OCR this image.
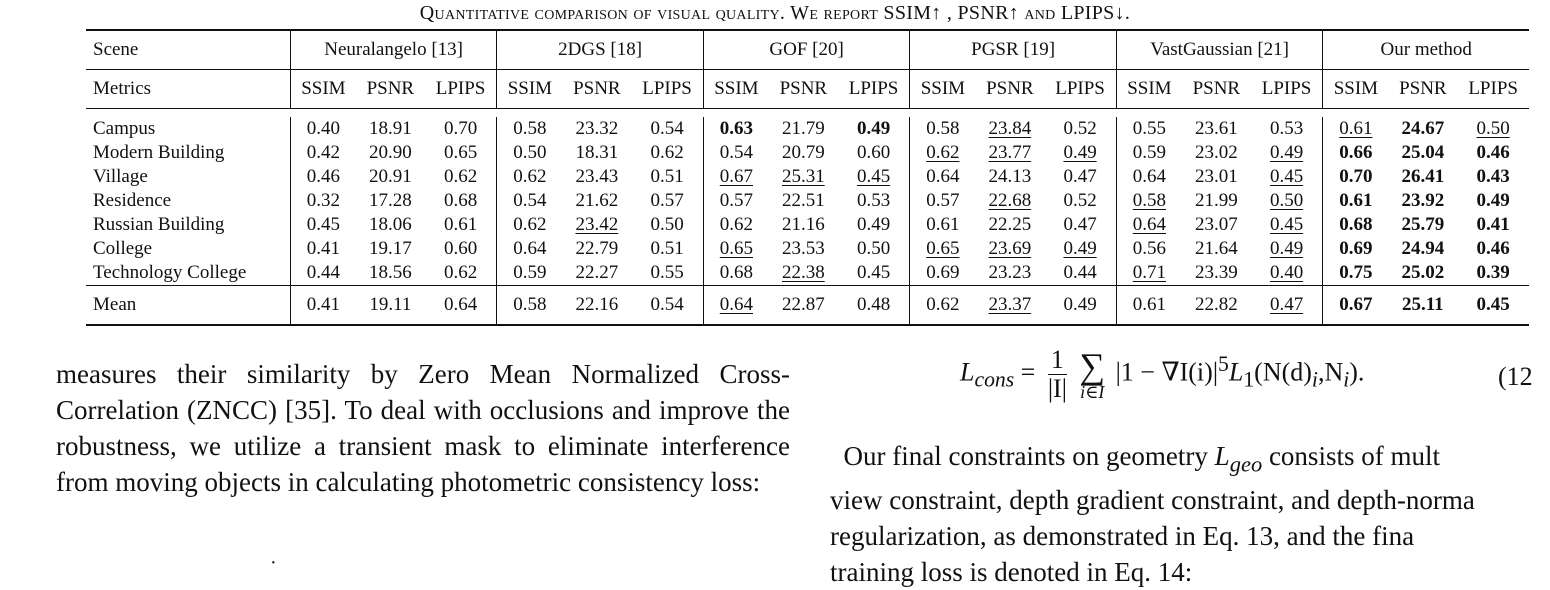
Quantitative comparison of visual quality. We report SSIM↑ , PSNR↑ and LPIPS↓.
Scene	Neuralangelo [13]			2DGS [18]			GOF [20]			PGSR [19]			VastGaussian [21]			Our method		
Metrics	SSIM	PSNR	LPIPS	SSIM	PSNR	LPIPS	SSIM	PSNR	LPIPS	SSIM	PSNR	LPIPS	SSIM	PSNR	LPIPS	SSIM	PSNR	LPIPS

Campus	0.40	18.91	0.70	0.58	23.32	0.54	0.63	21.79	0.49	0.58	23.84	0.52	0.55	23.61	0.53	0.61	24.67	0.50
Modern Building	0.42	20.90	0.65	0.50	18.31	0.62	0.54	20.79	0.60	0.62	23.77	0.49	0.59	23.02	0.49	0.66	25.04	0.46
Village	0.46	20.91	0.62	0.62	23.43	0.51	0.67	25.31	0.45	0.64	24.13	0.47	0.64	23.01	0.45	0.70	26.41	0.43
Residence	0.32	17.28	0.68	0.54	21.62	0.57	0.57	22.51	0.53	0.57	22.68	0.52	0.58	21.99	0.50	0.61	23.92	0.49
Russian Building	0.45	18.06	0.61	0.62	23.42	0.50	0.62	21.16	0.49	0.61	22.25	0.47	0.64	23.07	0.45	0.68	25.79	0.41
College	0.41	19.17	0.60	0.64	22.79	0.51	0.65	23.53	0.50	0.65	23.69	0.49	0.56	21.64	0.49	0.69	24.94	0.46
Technology College	0.44	18.56	0.62	0.59	22.27	0.55	0.68	22.38	0.45	0.69	23.23	0.44	0.71	23.39	0.40	0.75	25.02	0.39
Mean	0.41	19.11	0.64	0.58	22.16	0.54	0.64	22.87	0.48	0.62	23.37	0.49	0.61	22.82	0.47	0.67	25.11	0.45

measures their similarity by Zero Mean Normalized Cross-Correlation (ZNCC) [35]. To deal with occlusions and improve the robustness, we utilize a transient mask to eliminate interference from moving objects in calculating photometric consistency loss:

$L_{cons} = \frac{1}{|I|}$
∑
i∈I
$|1 - \nabla I(i)|^5L_1(N(d)_i,N_i)$.	(12

Our final constraints on geometry $L_{geo}$ consists of mult

view constraint, depth gradient constraint, and depth-norma

regularization, as demonstrated in Eq. 13, and the fina

training loss is denoted in Eq. 14:

·
